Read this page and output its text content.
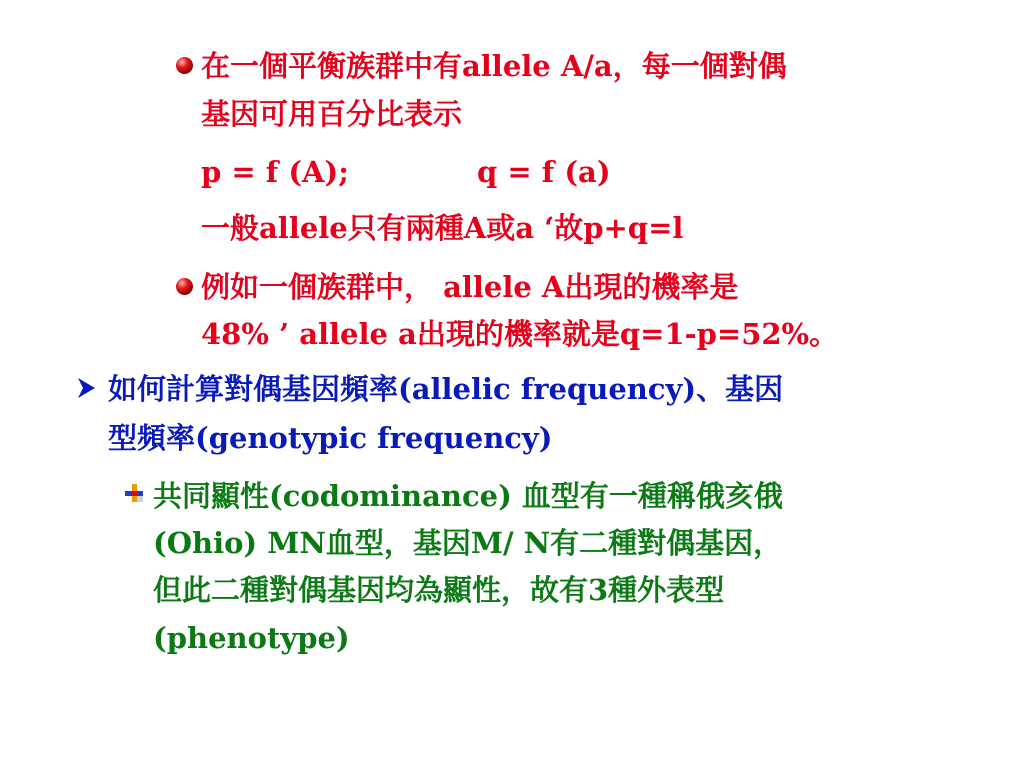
在一個平衡族群中有allele A/a，每一個對偶
基因可用百分比表示
p = f (A);	q = f (a)
一般allele只有兩種A或a ‘故p+q=l
例如一個族群中， allele A出現的機率是
48% ’ allele a出現的機率就是q=1-p=52%。
如何計算對偶基因頻率(allelic frequency)、基因
型頻率(genotypic frequency)
共同顯性(codominance) 血型有一種稱俄亥俄
(Ohio) MN血型，基因M/ N有二種對偶基因，
但此二種對偶基因均為顯性，故有3種外表型
(phenotype)
